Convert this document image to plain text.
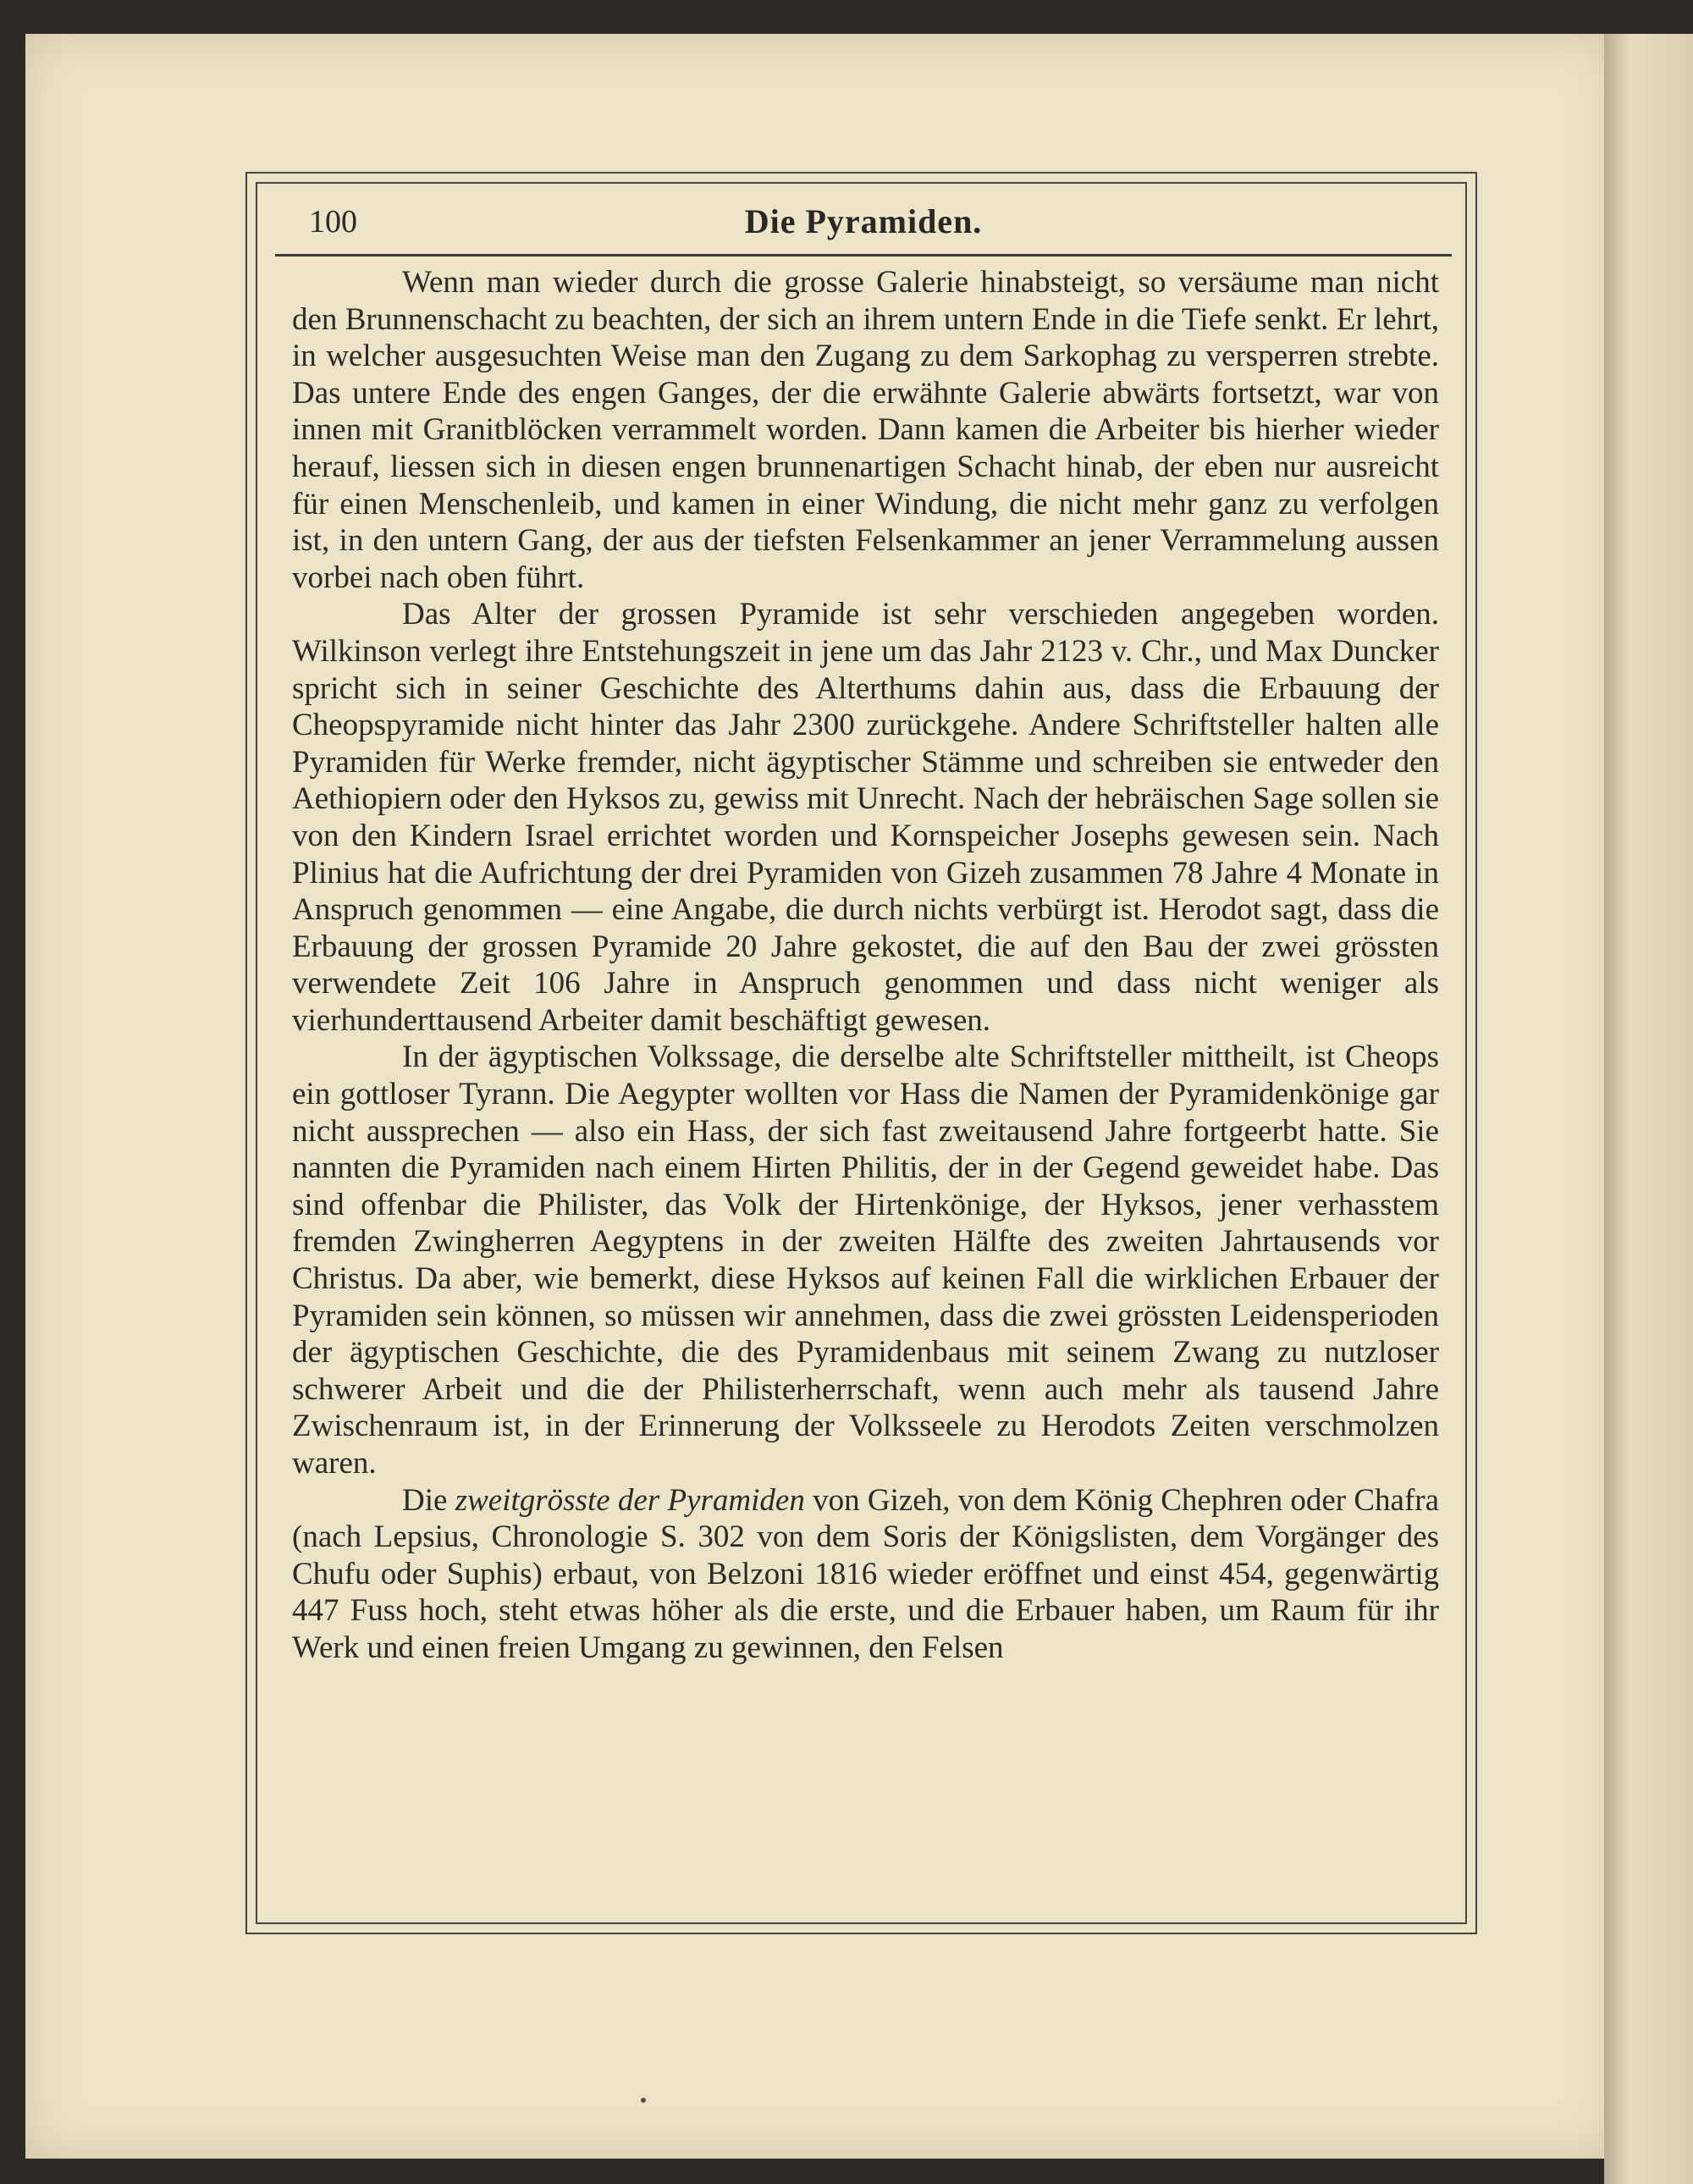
100	Die Pyramiden.

Wenn man wieder durch die grosse Galerie hinabsteigt, so versäume man nicht den Brunnenschacht zu beachten, der sich an ihrem untern Ende in die Tiefe senkt. Er lehrt, in welcher ausgesuchten Weise man den Zugang zu dem Sarkophag zu versperren strebte. Das untere Ende des engen Ganges, der die erwähnte Galerie abwärts fortsetzt, war von innen mit Granitblöcken verrammelt worden. Dann kamen die Arbeiter bis hierher wieder herauf, liessen sich in diesen engen brunnenartigen Schacht hinab, der eben nur ausreicht für einen Menschenleib, und kamen in einer Windung, die nicht mehr ganz zu verfolgen ist, in den untern Gang, der aus der tiefsten Felsenkammer an jener Verrammelung aussen vorbei nach oben führt.

Das Alter der grossen Pyramide ist sehr verschieden angegeben worden. Wilkinson verlegt ihre Entstehungszeit in jene um das Jahr 2123 v. Chr., und Max Duncker spricht sich in seiner Geschichte des Alterthums dahin aus, dass die Erbauung der Cheopspyramide nicht hinter das Jahr 2300 zurückgehe. Andere Schriftsteller halten alle Pyramiden für Werke fremder, nicht ägyptischer Stämme und schreiben sie entweder den Aethiopiern oder den Hyksos zu, gewiss mit Unrecht. Nach der hebräischen Sage sollen sie von den Kindern Israel errichtet worden und Kornspeicher Josephs gewesen sein. Nach Plinius hat die Aufrichtung der drei Pyramiden von Gizeh zusammen 78 Jahre 4 Monate in Anspruch genommen — eine Angabe, die durch nichts verbürgt ist. Herodot sagt, dass die Erbauung der grossen Pyramide 20 Jahre gekostet, die auf den Bau der zwei grössten verwendete Zeit 106 Jahre in Anspruch genommen und dass nicht weniger als vierhunderttausend Arbeiter damit beschäftigt gewesen.

In der ägyptischen Volkssage, die derselbe alte Schriftsteller mittheilt, ist Cheops ein gottloser Tyrann. Die Aegypter wollten vor Hass die Namen der Pyramidenkönige gar nicht aussprechen — also ein Hass, der sich fast zweitausend Jahre fortgeerbt hatte. Sie nannten die Pyramiden nach einem Hirten Philitis, der in der Gegend geweidet habe. Das sind offenbar die Philister, das Volk der Hirtenkönige, der Hyksos, jener verhasstem fremden Zwingherren Aegyptens in der zweiten Hälfte des zweiten Jahrtausends vor Christus. Da aber, wie bemerkt, diese Hyksos auf keinen Fall die wirklichen Erbauer der Pyramiden sein können, so müssen wir annehmen, dass die zwei grössten Leidensperioden der ägyptischen Geschichte, die des Pyramidenbaus mit seinem Zwang zu nutzloser schwerer Arbeit und die der Philisterherrschaft, wenn auch mehr als tausend Jahre Zwischenraum ist, in der Erinnerung der Volksseele zu Herodots Zeiten verschmolzen waren.

Die zweitgrösste der Pyramiden von Gizeh, von dem König Chephren oder Chafra (nach Lepsius, Chronologie S. 302 von dem Soris der Königslisten, dem Vorgänger des Chufu oder Suphis) erbaut, von Belzoni 1816 wieder eröffnet und einst 454, gegenwärtig 447 Fuss hoch, steht etwas höher als die erste, und die Erbauer haben, um Raum für ihr Werk und einen freien Umgang zu gewinnen, den Felsen
